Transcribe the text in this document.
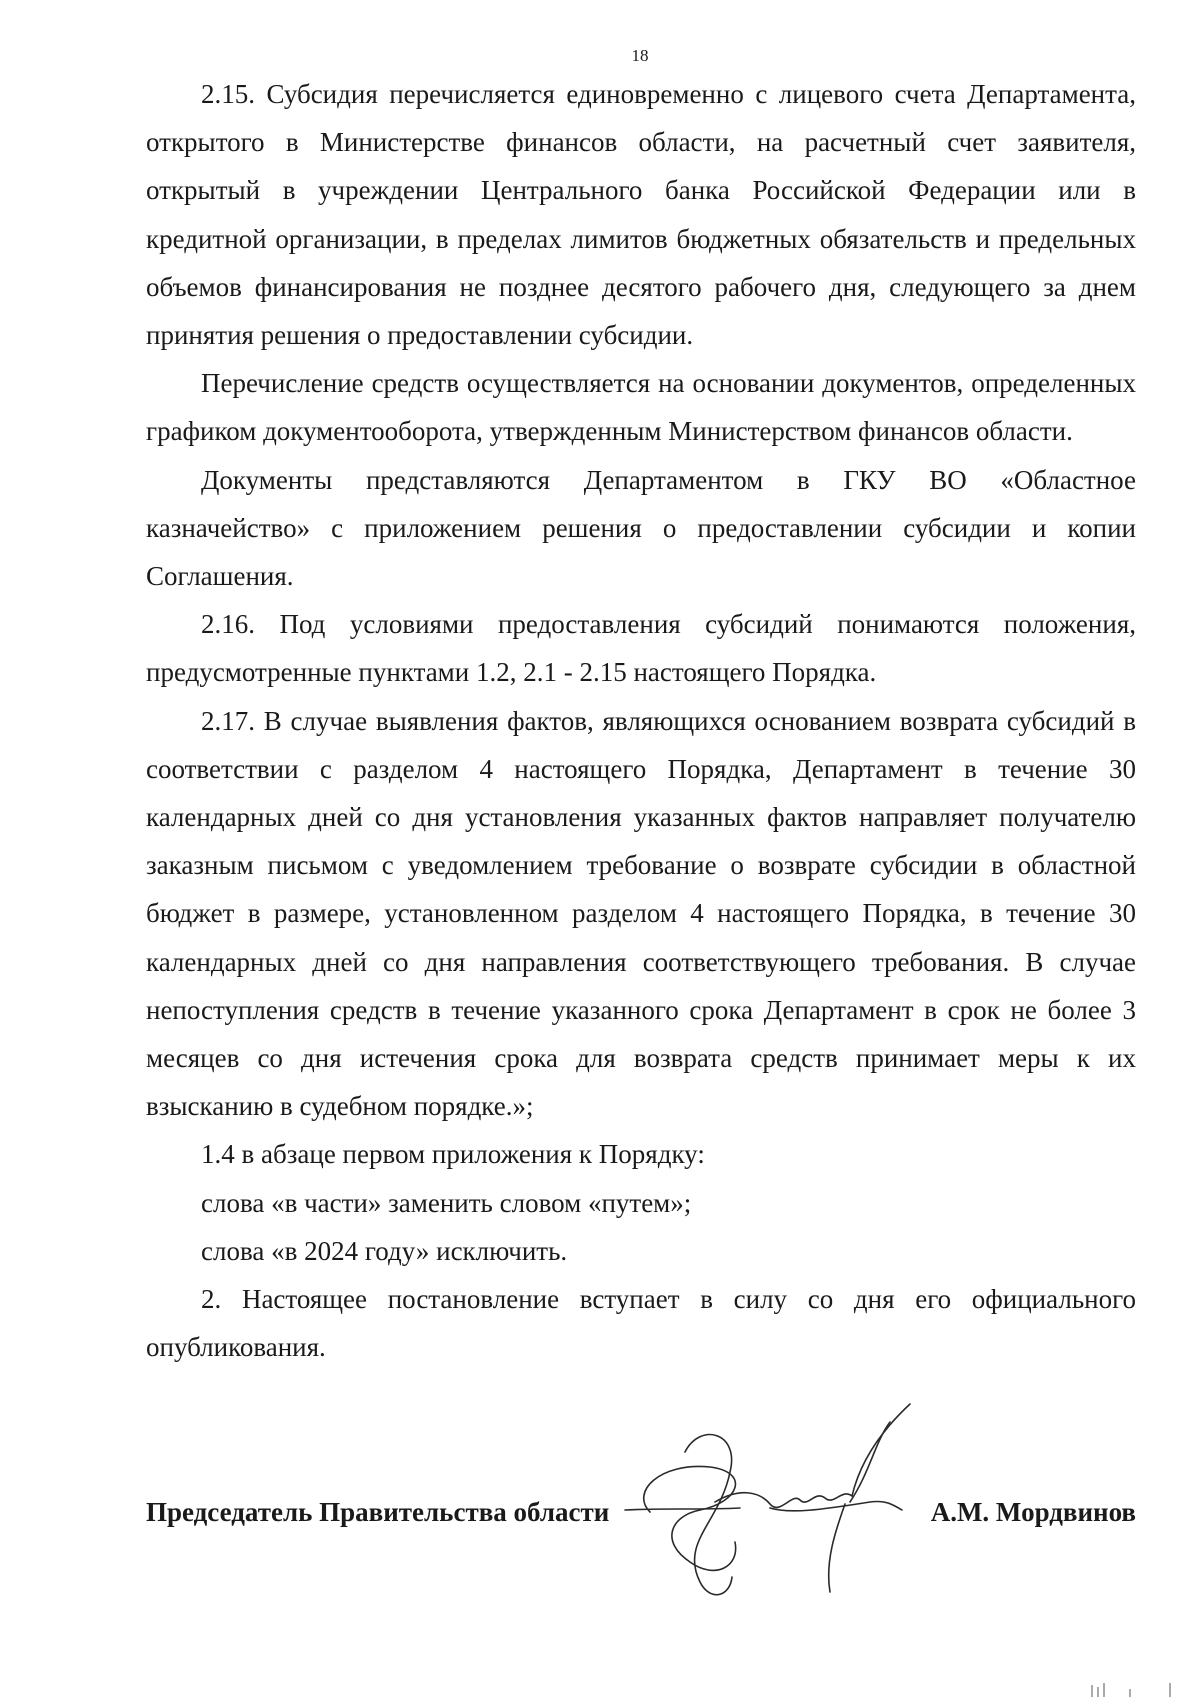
18

2.15. Субсидия перечисляется единовременно с лицевого счета Департамента, открытого в Министерстве финансов области, на расчетный счет заявителя, открытый в учреждении Центрального банка Российской Федерации или в кредитной организации, в пределах лимитов бюджетных обязательств и предельных объемов финансирования не позднее десятого рабочего дня, следующего за днем принятия решения о предоставлении субсидии.

Перечисление средств осуществляется на основании документов, определенных графиком документооборота, утвержденным Министерством финансов области.

Документы представляются Департаментом в ГКУ ВО «Областное казначейство» с приложением решения о предоставлении субсидии и копии Соглашения.

2.16. Под условиями предоставления субсидий понимаются положения, предусмотренные пунктами 1.2, 2.1 - 2.15 настоящего Порядка.

2.17. В случае выявления фактов, являющихся основанием возврата субсидий в соответствии с разделом 4 настоящего Порядка, Департамент в течение 30 календарных дней со дня установления указанных фактов направляет получателю заказным письмом с уведомлением требование о возврате субсидии в областной бюджет в размере, установленном разделом 4 настоящего Порядка, в течение 30 календарных дней со дня направления соответствующего требования. В случае непоступления средств в течение указанного срока Департамент в срок не более 3 месяцев со дня истечения срока для возврата средств принимает меры к их взысканию в судебном порядке.»;

1.4 в абзаце первом приложения к Порядку:

слова «в части» заменить словом «путем»;

слова «в 2024 году» исключить.

2. Настоящее постановление вступает в силу со дня его официального опубликования.

Председатель Правительства области	А.М. Мордвинов
